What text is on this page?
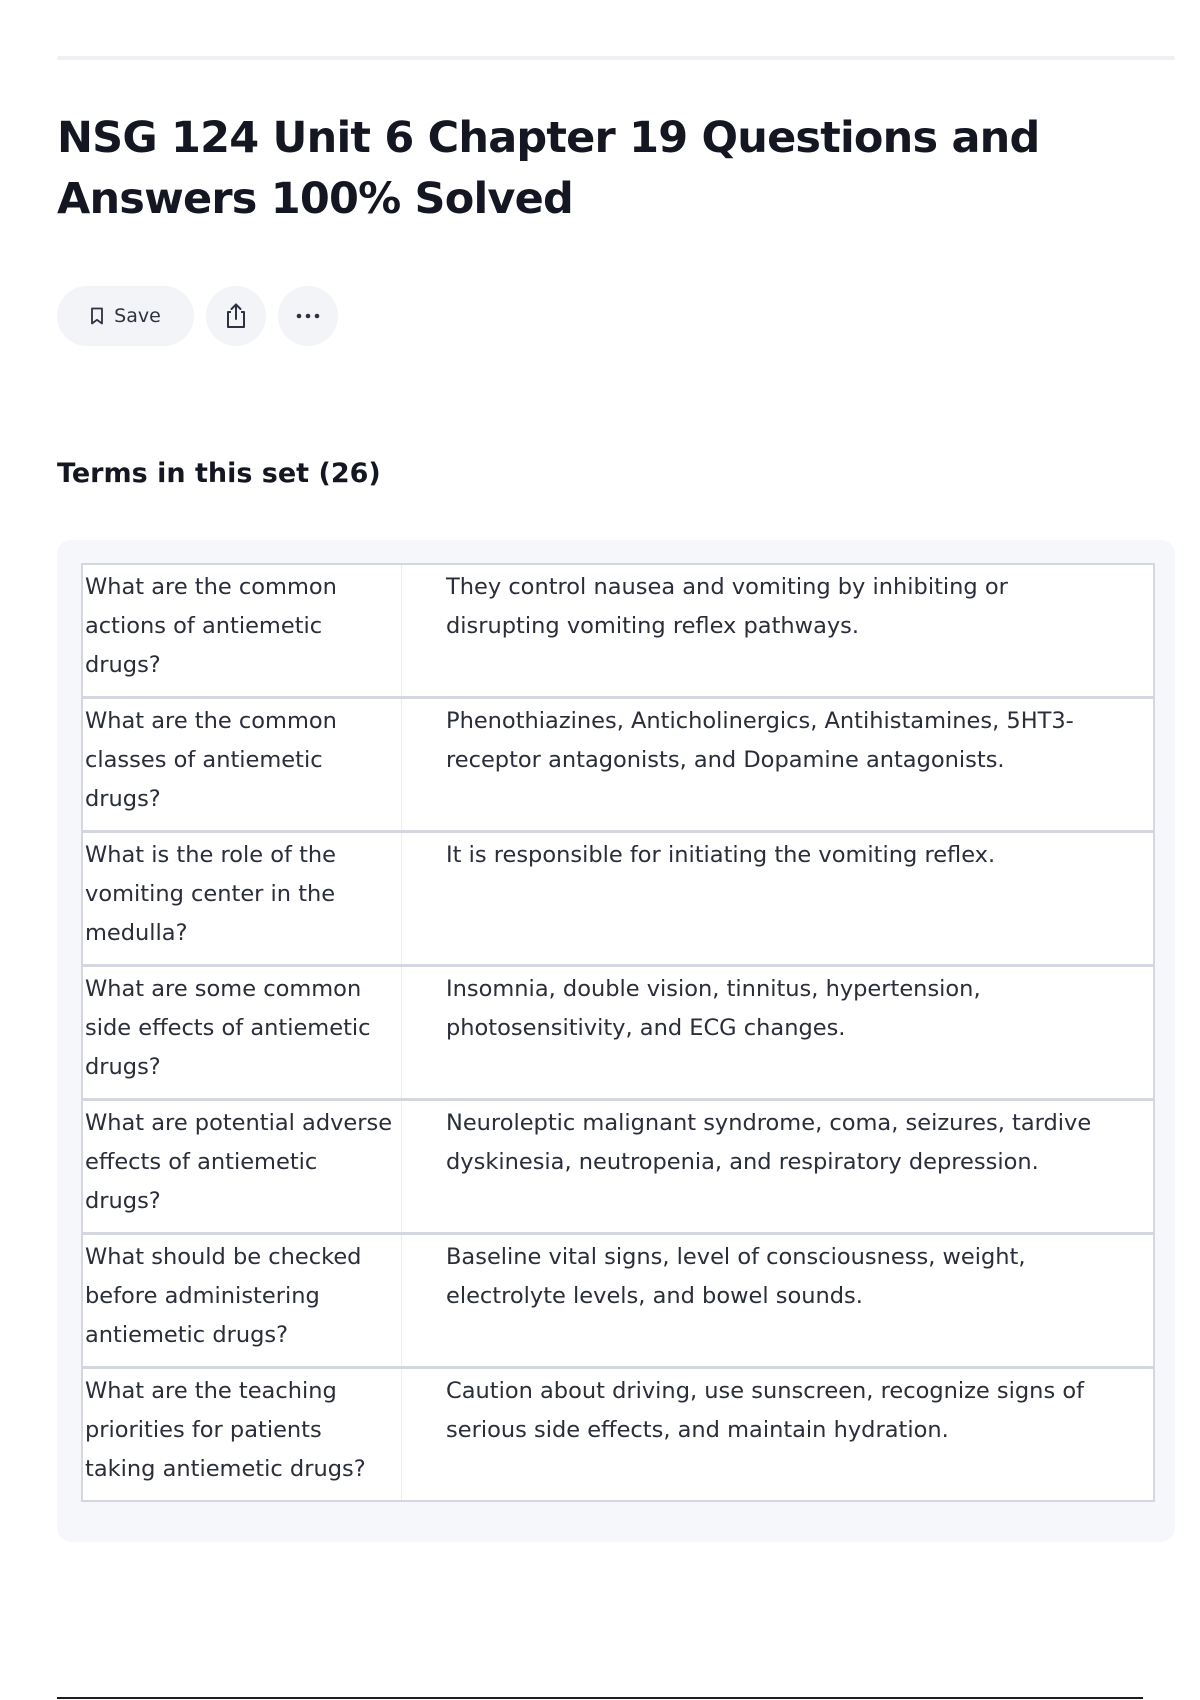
NSG 124 Unit 6 Chapter 19 Questions and Answers 100% Solved
Save
Terms in this set (26)
What are the common actions of antiemetic drugs?
They control nausea and vomiting by inhibiting or disrupting vomiting reflex pathways.
What are the common classes of antiemetic drugs?
Phenothiazines, Anticholinergics, Antihistamines, 5HT3-receptor antagonists, and Dopamine antagonists.
What is the role of the vomiting center in the medulla?
It is responsible for initiating the vomiting reflex.
What are some common side effects of antiemetic drugs?
Insomnia, double vision, tinnitus, hypertension, photosensitivity, and ECG changes.
What are potential adverse effects of antiemetic drugs?
Neuroleptic malignant syndrome, coma, seizures, tardive dyskinesia, neutropenia, and respiratory depression.
What should be checked before administering antiemetic drugs?
Baseline vital signs, level of consciousness, weight, electrolyte levels, and bowel sounds.
What are the teaching priorities for patients taking antiemetic drugs?
Caution about driving, use sunscreen, recognize signs of serious side effects, and maintain hydration.
